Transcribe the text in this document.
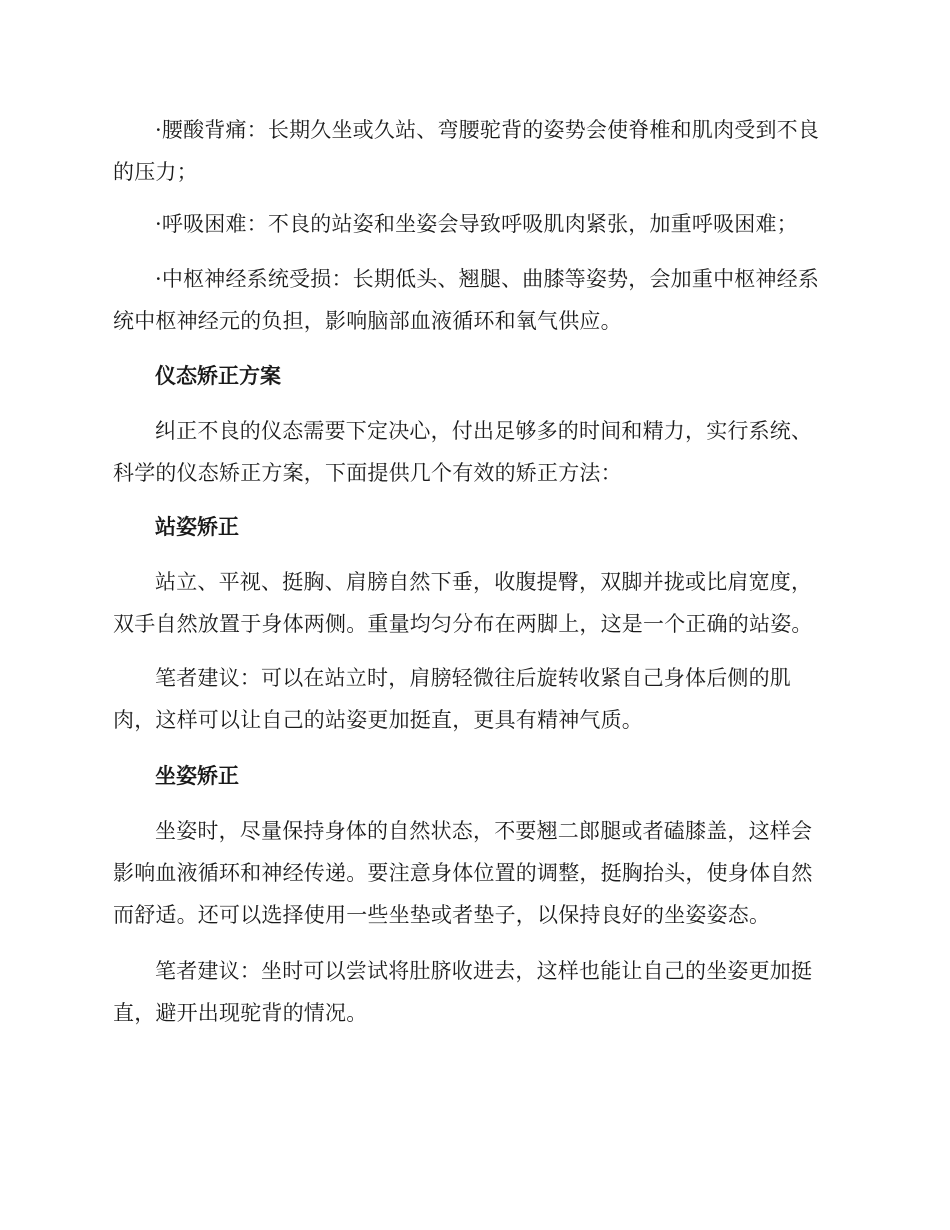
·腰酸背痛：长期久坐或久站、弯腰驼背的姿势会使脊椎和肌肉受到不良的压力；

·呼吸困难：不良的站姿和坐姿会导致呼吸肌肉紧张，加重呼吸困难；

·中枢神经系统受损：长期低头、翘腿、曲膝等姿势，会加重中枢神经系统中枢神经元的负担，影响脑部血液循环和氧气供应。

仪态矫正方案

纠正不良的仪态需要下定决心，付出足够多的时间和精力，实行系统、科学的仪态矫正方案，下面提供几个有效的矫正方法：

站姿矫正

站立、平视、挺胸、肩膀自然下垂，收腹提臀，双脚并拢或比肩宽度，双手自然放置于身体两侧。重量均匀分布在两脚上，这是一个正确的站姿。

笔者建议：可以在站立时，肩膀轻微往后旋转收紧自己身体后侧的肌肉，这样可以让自己的站姿更加挺直，更具有精神气质。

坐姿矫正

坐姿时，尽量保持身体的自然状态，不要翘二郎腿或者磕膝盖，这样会影响血液循环和神经传递。要注意身体位置的调整，挺胸抬头，使身体自然而舒适。还可以选择使用一些坐垫或者垫子，以保持良好的坐姿姿态。

笔者建议：坐时可以尝试将肚脐收进去，这样也能让自己的坐姿更加挺直，避开出现驼背的情况。
